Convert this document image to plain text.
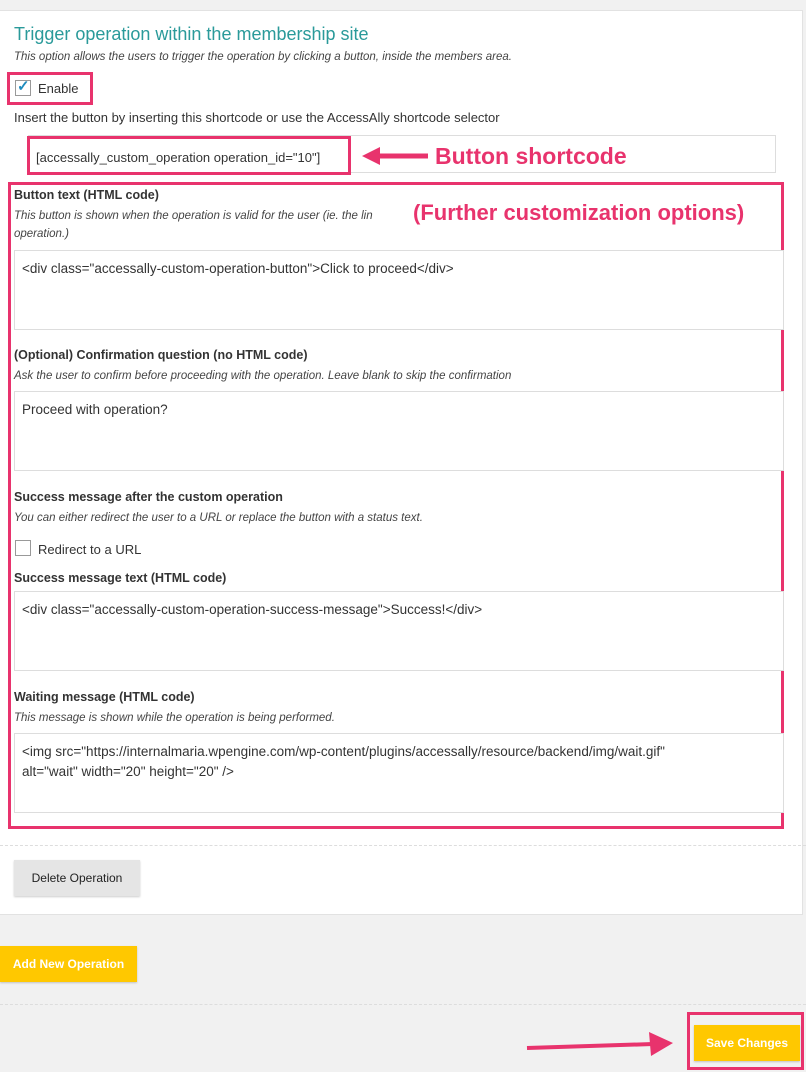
Trigger operation within the membership site
This option allows the users to trigger the operation by clicking a button, inside the members area.
✓ Enable
Insert the button by inserting this shortcode or use the AccessAlly shortcode selector
[accessally_custom_operation operation_id="10"]	Button shortcode
(Further customization options)
Button text (HTML code)
This button is shown when the operation is valid for the user (ie. the lin
operation.)
<div class="accessally-custom-operation-button">Click to proceed</div>
(Optional) Confirmation question (no HTML code)
Ask the user to confirm before proceeding with the operation. Leave blank to skip the confirmation
Proceed with operation?
Success message after the custom operation
You can either redirect the user to a URL or replace the button with a status text.
Redirect to a URL
Success message text (HTML code)
<div class="accessally-custom-operation-success-message">Success!</div>
Waiting message (HTML code)
This message is shown while the operation is being performed.
<img src="https://internalmaria.wpengine.com/wp-content/plugins/accessally/resource/backend/img/wait.gif"
alt="wait" width="20" height="20" />
Delete Operation
Add New Operation
Save Changes
